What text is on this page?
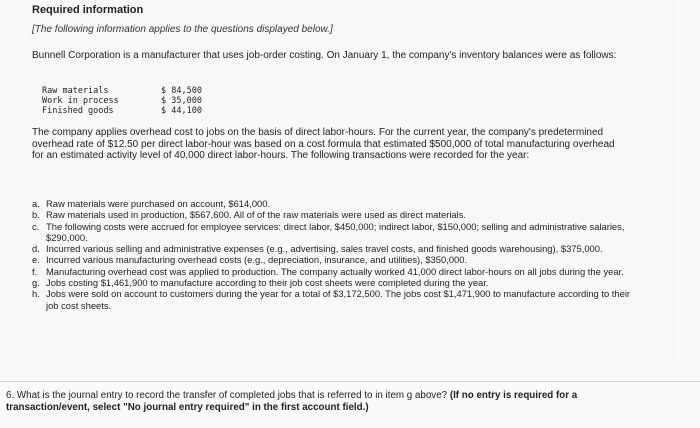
Required information
[The following information applies to the questions displayed below.]
Bunnell Corporation is a manufacturer that uses job-order costing. On January 1, the company's inventory balances were as follows:
Raw materials	$ 84,500
Work in process	$ 35,000
Finished goods	$ 44,100
The company applies overhead cost to jobs on the basis of direct labor-hours. For the current year, the company's predetermined overhead rate of $12.50 per direct labor-hour was based on a cost formula that estimated $500,000 of total manufacturing overhead for an estimated activity level of 40,000 direct labor-hours. The following transactions were recorded for the year:
a. Raw materials were purchased on account, $614,000.
b. Raw materials used in production, $567,600. All of of the raw materials were used as direct materials.
c. The following costs were accrued for employee services: direct labor, $450,000; indirect labor, $150,000; selling and administrative salaries, $290,000.
d. Incurred various selling and administrative expenses (e.g., advertising, sales travel costs, and finished goods warehousing), $375,000.
e. Incurred various manufacturing overhead costs (e.g., depreciation, insurance, and utilities), $350,000.
f. Manufacturing overhead cost was applied to production. The company actually worked 41,000 direct labor-hours on all jobs during the year.
g. Jobs costing $1,461,900 to manufacture according to their job cost sheets were completed during the year.
h. Jobs were sold on account to customers during the year for a total of $3,172,500. The jobs cost $1,471,900 to manufacture according to their job cost sheets.
6. What is the journal entry to record the transfer of completed jobs that is referred to in item g above? (If no entry is required for a transaction/event, select "No journal entry required" in the first account field.)
